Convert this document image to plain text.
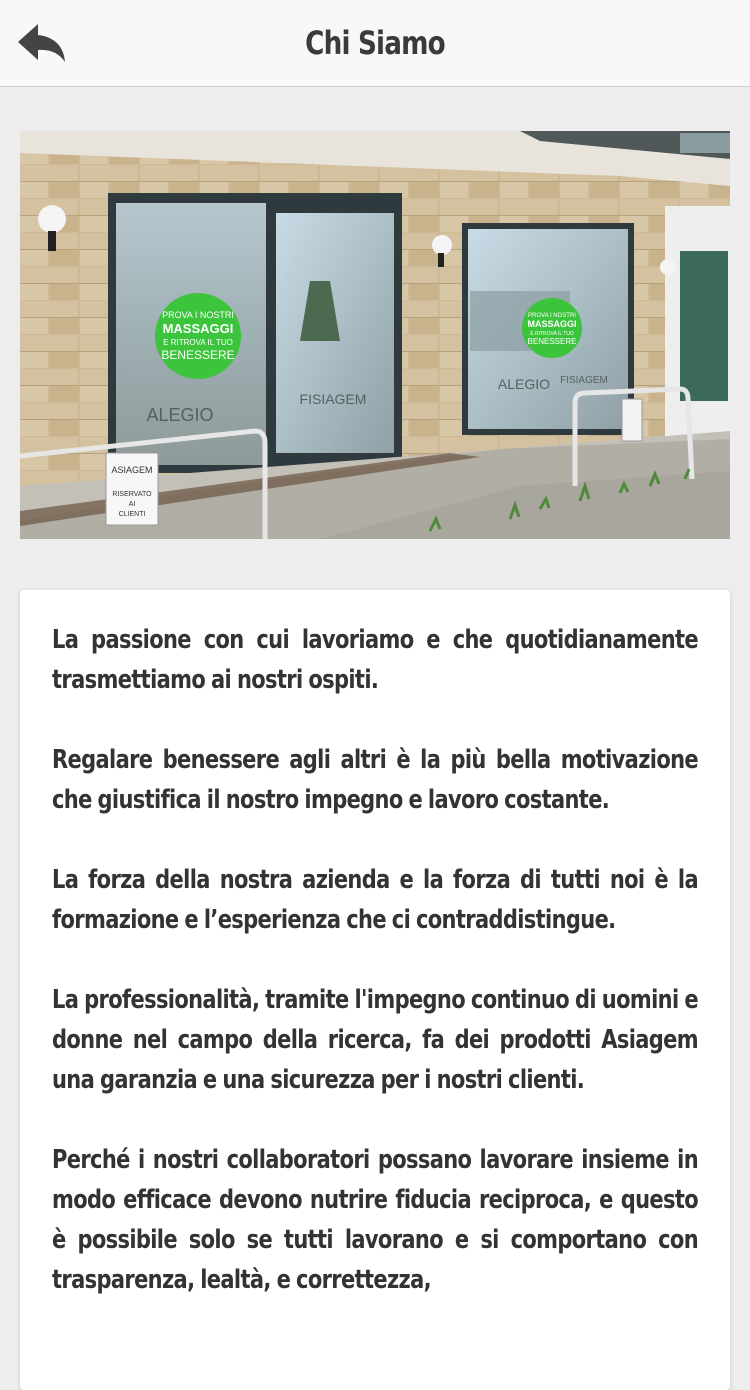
Chi Siamo
PROVA I NOSTRI
MASSAGGI
E RITROVA IL TUO
BENESSERE
PROVA I NOSTRI
MASSAGGI
E RITROVA IL TUO
BENESSERE
ALEGIO
FISIAGEM
ALEGIO FISIAGEM
ASIAGEM
RISERVATO
AI
CLIENTI

La passione con cui lavoriamo e che quotidianamente trasmettiamo ai nostri ospiti.

Regalare benessere agli altri è la più bella motivazione che giustifica il nostro impegno e lavoro costante.

La forza della nostra azienda e la forza di tutti noi è la formazione e l’esperienza che ci contraddistingue.

La professionalità, tramite l'impegno continuo di uomini e donne nel campo della ricerca, fa dei prodotti Asiagem una garanzia e una sicurezza per i nostri clienti.

Perché i nostri collaboratori possano lavorare insieme in modo efficace devono nutrire fiducia reciproca, e questo è possibile solo se tutti lavorano e si comportano con trasparenza, lealtà, e correttezza,
